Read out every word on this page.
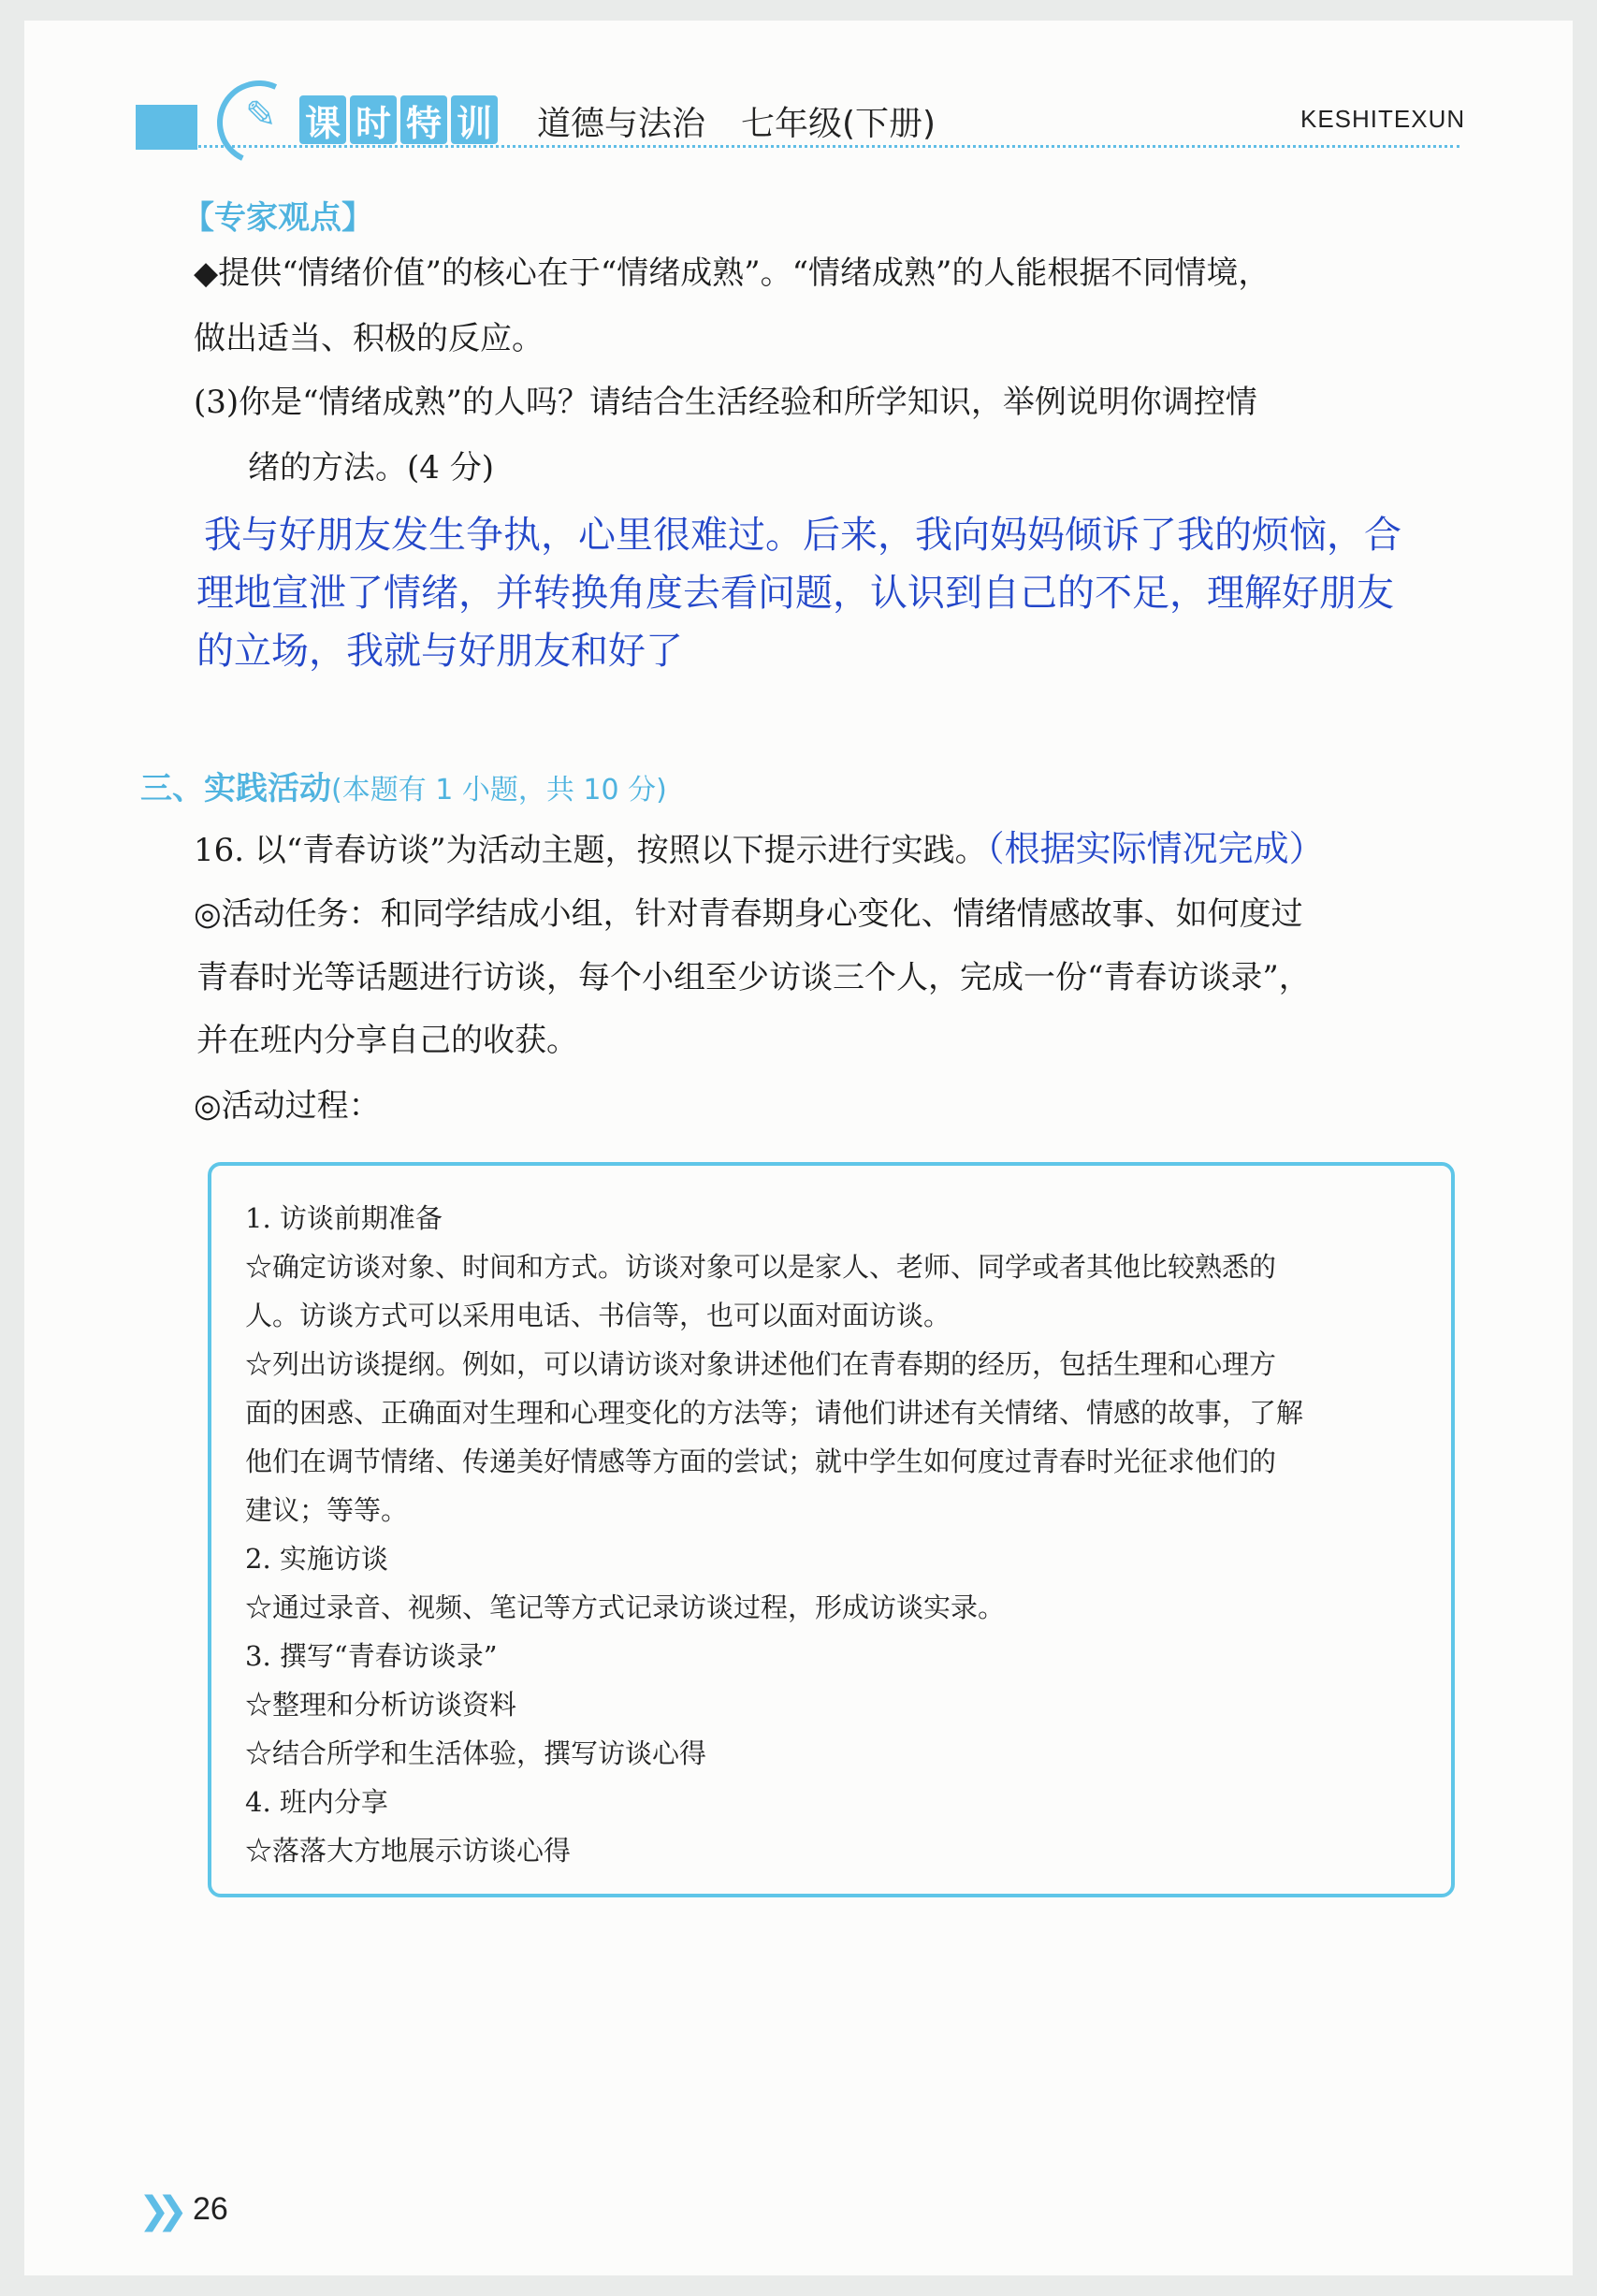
✎ 课 时 特 训 道德与法治 七年级(下册)	KESHITEXUN
【专家观点】
◆提供“情绪价值”的核心在于“情绪成熟”。“情绪成熟”的人能根据不同情境，
做出适当、积极的反应。
(3)你是“情绪成熟”的人吗？请结合生活经验和所学知识，举例说明你调控情
绪的方法。(4 分)
我与好朋友发生争执，心里很难过。后来，我向妈妈倾诉了我的烦恼，合
理地宣泄了情绪，并转换角度去看问题，认识到自己的不足，理解好朋友
的立场，我就与好朋友和好了
三、实践活动(本题有 1 小题，共 10 分)
16. 以“青春访谈”为活动主题，按照以下提示进行实践。（根据实际情况完成）
◎活动任务：和同学结成小组，针对青春期身心变化、情绪情感故事、如何度过
青春时光等话题进行访谈，每个小组至少访谈三个人，完成一份“青春访谈录”，
并在班内分享自己的收获。
◎活动过程：
1. 访谈前期准备
☆确定访谈对象、时间和方式。访谈对象可以是家人、老师、同学或者其他比较熟悉的
人。访谈方式可以采用电话、书信等，也可以面对面访谈。
☆列出访谈提纲。例如，可以请访谈对象讲述他们在青春期的经历，包括生理和心理方
面的困惑、正确面对生理和心理变化的方法等；请他们讲述有关情绪、情感的故事，了解
他们在调节情绪、传递美好情感等方面的尝试；就中学生如何度过青春时光征求他们的
建议；等等。
2. 实施访谈
☆通过录音、视频、笔记等方式记录访谈过程，形成访谈实录。
3. 撰写“青春访谈录”
☆整理和分析访谈资料
☆结合所学和生活体验，撰写访谈心得
4. 班内分享
☆落落大方地展示访谈心得
❯❯ 26
